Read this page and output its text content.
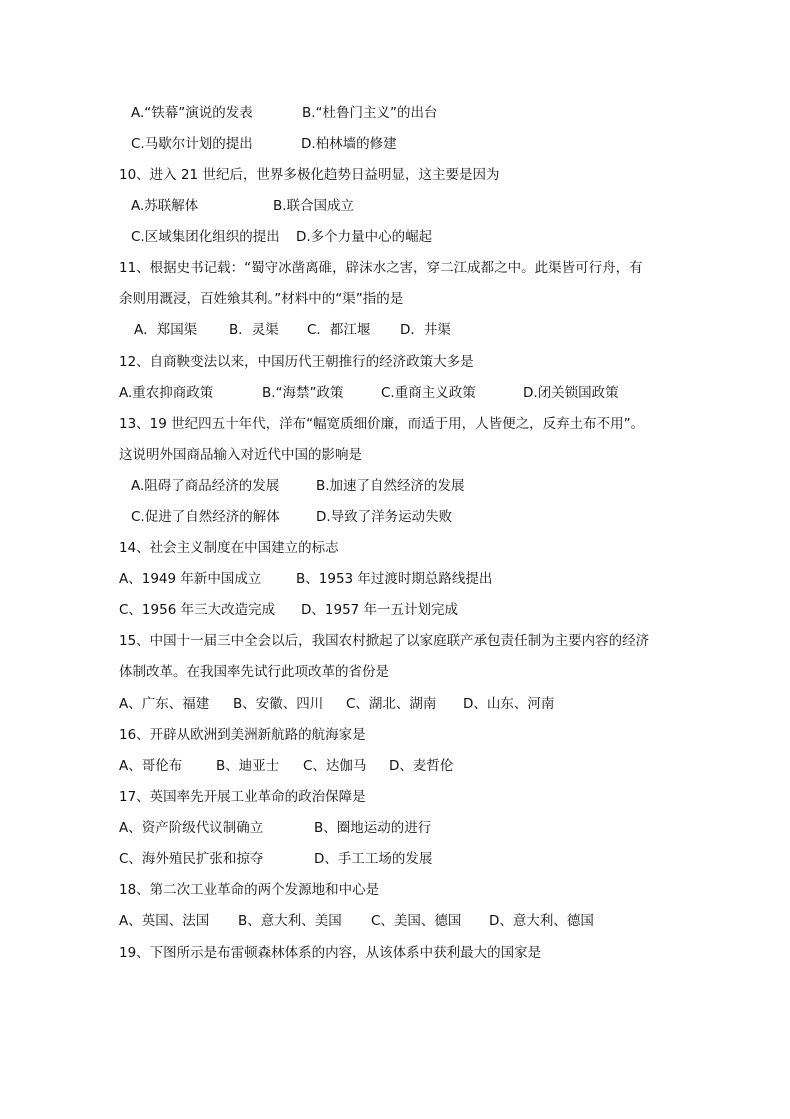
A.“铁幕”演说的发表	B.“杜鲁门主义”的出台
C.马歇尔计划的提出	D.柏林墙的修建
10、进入 21 世纪后，世界多极化趋势日益明显，这主要是因为
A.苏联解体	B.联合国成立
C.区域集团化组织的提出 D.多个力量中心的崛起
11、根据史书记载：“蜀守冰凿离碓，辟沫水之害，穿二江成都之中。此渠皆可行舟，有
余则用溉浸，百姓飨其利。”材料中的“渠”指的是
A．郑国渠 B．灵渠 C．都江堰 D．井渠
12、自商鞅变法以来，中国历代王朝推行的经济政策大多是
A.重农抑商政策	B.“海禁”政策	C.重商主义政策	D.闭关锁国政策
13、19 世纪四五十年代，洋布“幅宽质细价廉，而适于用，人皆便之，反弃土布不用”。
这说明外国商品输入对近代中国的影响是
A.阻碍了商品经济的发展	B.加速了自然经济的发展
C.促进了自然经济的解体	D.导致了洋务运动失败
14、社会主义制度在中国建立的标志
A、1949 年新中国成立	B、1953 年过渡时期总路线提出
C、1956 年三大改造完成 D、1957 年一五计划完成
15、中国十一届三中全会以后，我国农村掀起了以家庭联产承包责任制为主要内容的经济
体制改革。在我国率先试行此项改革的省份是
A、广东、福建 B、安徽、四川 C、湖北、湖南 D、山东、河南
16、开辟从欧洲到美洲新航路的航海家是
A、哥伦布	B、迪亚士 C、达伽马 D、麦哲伦
17、英国率先开展工业革命的政治保障是
A、资产阶级代议制确立	B、圈地运动的进行
C、海外殖民扩张和掠夺	D、手工工场的发展
18、第二次工业革命的两个发源地和中心是
A、英国、法国 B、意大利、美国 C、美国、德国 D、意大利、德国
19、下图所示是布雷顿森林体系的内容，从该体系中获利最大的国家是
